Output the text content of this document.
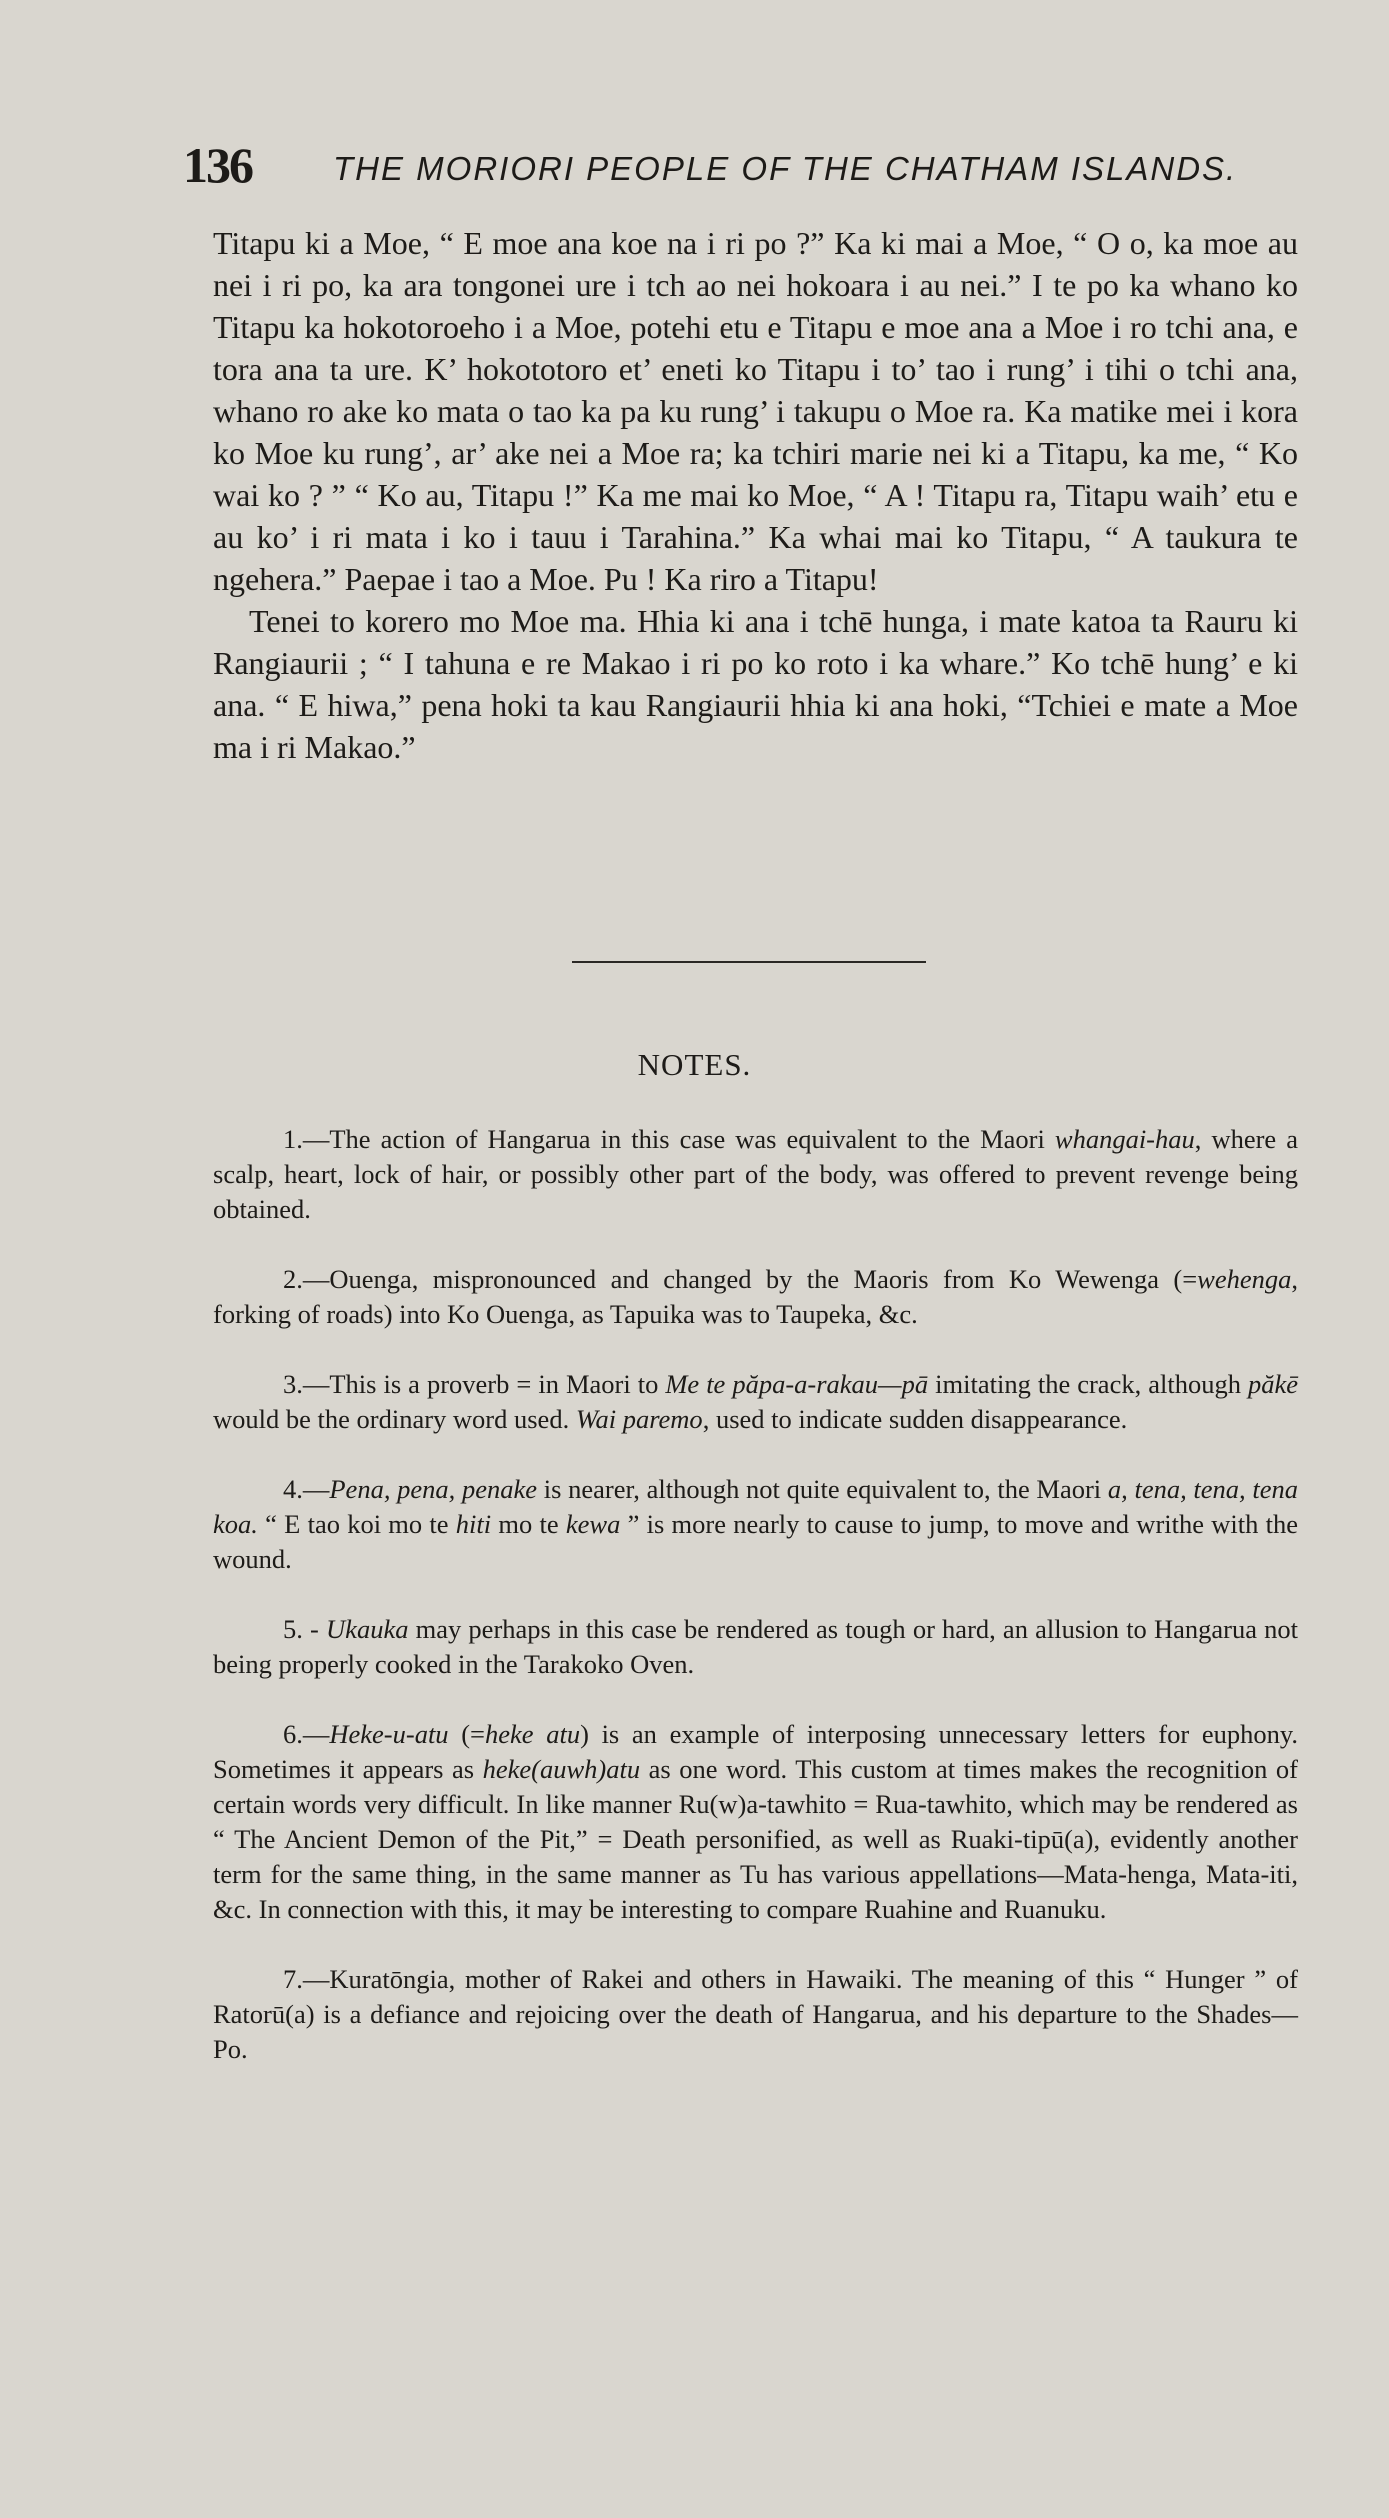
136 THE MORIORI PEOPLE OF THE CHATHAM ISLANDS.

Titapu ki a Moe, “ E moe ana koe na i ri po ?” Ka ki mai a Moe, “ O o, ka moe au nei i ri po, ka ara tongonei ure i tch ao nei hokoara i au nei.” I te po ka whano ko Titapu ka hokotoroeho i a Moe, potehi etu e Titapu e moe ana a Moe i ro tchi ana, e tora ana ta ure. K’ hokototoro et’ eneti ko Titapu i to’ tao i rung’ i tihi o tchi ana, whano ro ake ko mata o tao ka pa ku rung’ i takupu o Moe ra. Ka matike mei i kora ko Moe ku rung’, ar’ ake nei a Moe ra; ka tchiri marie nei ki a Titapu, ka me, “ Ko wai ko ? ” “ Ko au, Titapu !” Ka me mai ko Moe, “ A ! Titapu ra, Titapu waih’ etu e au ko’ i ri mata i ko i tauu i Tarahina.” Ka whai mai ko Titapu, “ A taukura te ngehera.” Paepae i tao a Moe. Pu ! Ka riro a Titapu!

Tenei to korero mo Moe ma. Hhia ki ana i tchē hunga, i mate katoa ta Rauru ki Rangiaurii ; “ I tahuna e re Makao i ri po ko roto i ka whare.” Ko tchē hung’ e ki ana. “ E hiwa,” pena hoki ta kau Rangiaurii hhia ki ana hoki, “Tchiei e mate a Moe ma i ri Makao.”

NOTES.

1.—The action of Hangarua in this case was equivalent to the Maori whangai-hau, where a scalp, heart, lock of hair, or possibly other part of the body, was offered to prevent revenge being obtained.

2.—Ouenga, mispronounced and changed by the Maoris from Ko Wewenga (=wehenga, forking of roads) into Ko Ouenga, as Tapuika was to Taupeka, &c.

3.—This is a proverb = in Maori to Me te păpa-a-rakau—pā imitating the crack, although păkē would be the ordinary word used. Wai paremo, used to indicate sudden disappearance.

4.—Pena, pena, penake is nearer, although not quite equivalent to, the Maori a, tena, tena, tena koa. “ E tao koi mo te hiti mo te kewa ” is more nearly to cause to jump, to move and writhe with the wound.

5. - Ukauka may perhaps in this case be rendered as tough or hard, an allusion to Hangarua not being properly cooked in the Tarakoko Oven.

6.—Heke-u-atu (=heke atu) is an example of interposing unnecessary letters for euphony. Sometimes it appears as heke(auwh)atu as one word. This custom at times makes the recognition of certain words very difficult. In like manner Ru(w)a-tawhito = Rua-tawhito, which may be rendered as “ The Ancient Demon of the Pit,” = Death personified, as well as Ruaki-tipū(a), evidently another term for the same thing, in the same manner as Tu has various appellations—Mata-henga, Mata-iti, &c. In connection with this, it may be interesting to compare Ruahine and Ruanuku.

7.—Kuratōngia, mother of Rakei and others in Hawaiki. The meaning of this “ Hunger ” of Ratorū(a) is a defiance and rejoicing over the death of Hangarua, and his departure to the Shades—Po.
